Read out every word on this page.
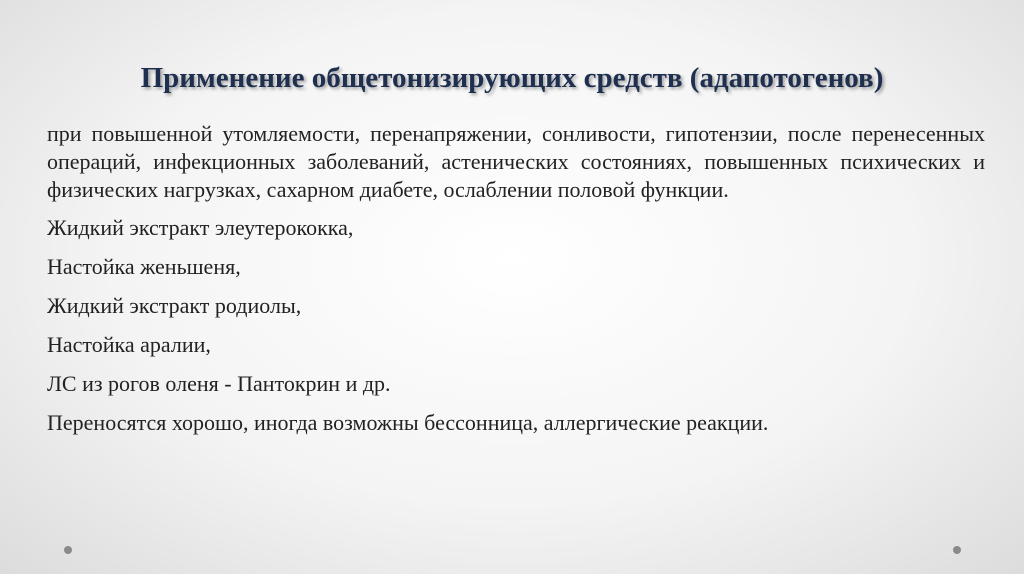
Применение общетонизирующих средств (адапотогенов)

при повышенной утомляемости, перенапряжении, сонливости, гипотензии, после перенесенных операций, инфекционных заболеваний, астенических состояниях, повышенных психических и физических нагрузках, сахарном диабете, ослаблении половой функции.

Жидкий экстракт элеутерококка,

Настойка женьшеня,

Жидкий экстракт родиолы,

Настойка аралии,

ЛС из рогов оленя - Пантокрин и др.

Переносятся хорошо, иногда возможны бессонница, аллергические реакции.
